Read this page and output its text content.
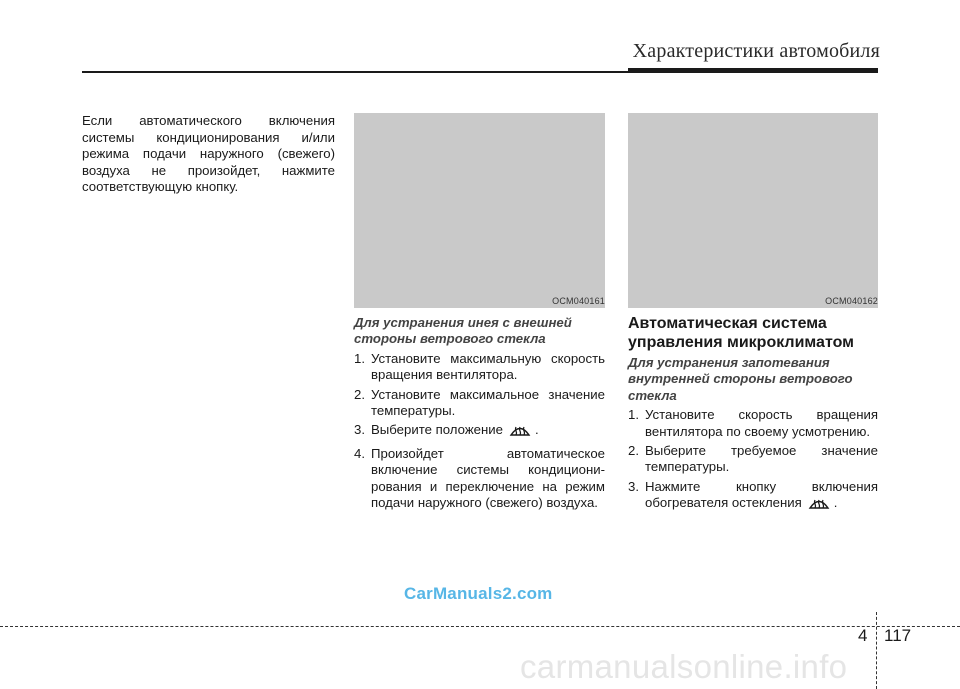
Характеристики автомобиля
Если автоматического включения системы кондиционирования и/или режима подачи наружного (свежего) воздуха не произойдет, нажмите соответствующую кнопку.
OCM040161	OCM040162
Для устранения инея с внешней стороны ветрового стекла
1. Установите максимальную скорость вращения вентилятора.
2. Установите максимальное значение температуры.
3. Выберите положение .
4. Произойдет автоматическое включение системы кондициони-рования и переключение на режим подачи наружного (свежего) воздуха.
Автоматическая система управления микроклиматом
Для устранения запотевания внутренней стороны ветрового стекла
1. Установите скорость вращения вентилятора по своему усмотрению.
2. Выберите требуемое значение температуры.
3. Нажмите кнопку включения обогревателя остекления .
CarManuals2.com
4 117
carmanualsonline.info
